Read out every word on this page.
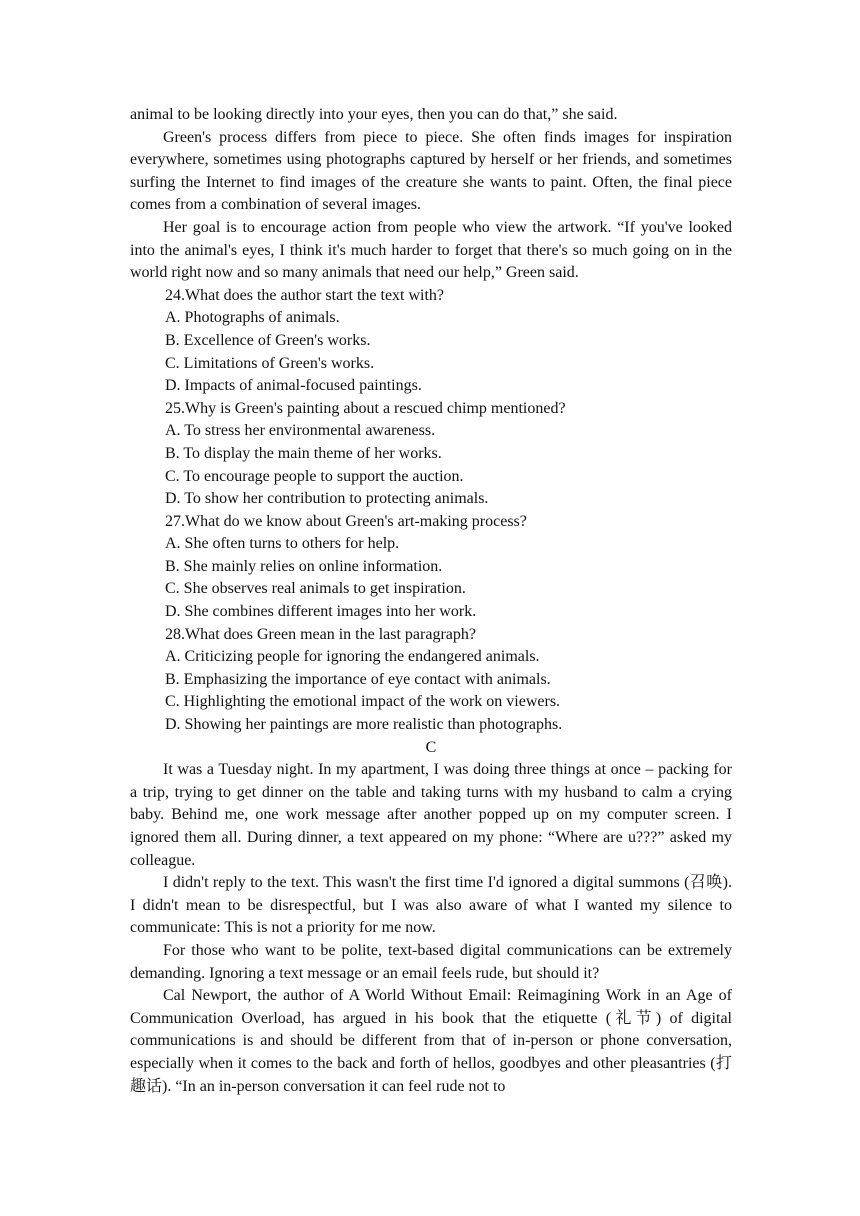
animal to be looking directly into your eyes, then you can do that,” she said.

Green's process differs from piece to piece. She often finds images for inspiration everywhere, sometimes using photographs captured by herself or her friends, and sometimes surfing the Internet to find images of the creature she wants to paint. Often, the final piece comes from a combination of several images.

Her goal is to encourage action from people who view the artwork. “If you've looked into the animal's eyes, I think it's much harder to forget that there's so much going on in the world right now and so many animals that need our help,” Green said.

24.What does the author start the text with?

A. Photographs of animals.

B. Excellence of Green's works.

C. Limitations of Green's works.

D. Impacts of animal-focused paintings.

25.Why is Green's painting about a rescued chimp mentioned?

A. To stress her environmental awareness.

B. To display the main theme of her works.

C. To encourage people to support the auction.

D. To show her contribution to protecting animals.

27.What do we know about Green's art-making process?

A. She often turns to others for help.

B. She mainly relies on online information.

C. She observes real animals to get inspiration.

D. She combines different images into her work.

28.What does Green mean in the last paragraph?

A. Criticizing people for ignoring the endangered animals.

B. Emphasizing the importance of eye contact with animals.

C. Highlighting the emotional impact of the work on viewers.

D. Showing her paintings are more realistic than photographs.

C

It was a Tuesday night. In my apartment, I was doing three things at once – packing for a trip, trying to get dinner on the table and taking turns with my husband to calm a crying baby. Behind me, one work message after another popped up on my computer screen. I ignored them all. During dinner, a text appeared on my phone: “Where are u???” asked my colleague.

I didn't reply to the text. This wasn't the first time I'd ignored a digital summons (召唤). I didn't mean to be disrespectful, but I was also aware of what I wanted my silence to communicate: This is not a priority for me now.

For those who want to be polite, text-based digital communications can be extremely demanding. Ignoring a text message or an email feels rude, but should it?

Cal Newport, the author of A World Without Email: Reimagining Work in an Age of Communication Overload, has argued in his book that the etiquette (礼节) of digital communications is and should be different from that of in-person or phone conversation, especially when it comes to the back and forth of hellos, goodbyes and other pleasantries (打趣话). “In an in-person conversation it can feel rude not to
